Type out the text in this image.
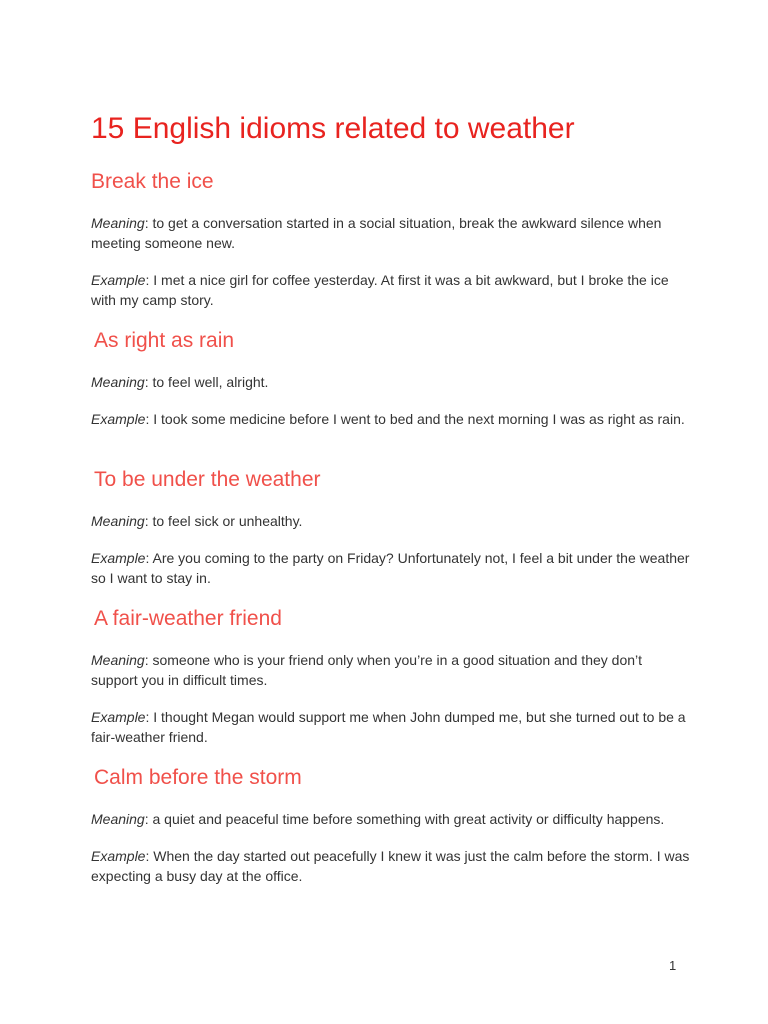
15 English idioms related to weather
Break the ice

Meaning: to get a conversation started in a social situation, break the awkward silence when meeting someone new.

Example: I met a nice girl for coffee yesterday. At first it was a bit awkward, but I broke the ice with my camp story.

As right as rain

Meaning: to feel well, alright.

Example: I took some medicine before I went to bed and the next morning I was as right as rain.

To be under the weather

Meaning: to feel sick or unhealthy.

Example: Are you coming to the party on Friday? Unfortunately not, I feel a bit under the weather so I want to stay in.

A fair-weather friend

Meaning: someone who is your friend only when you’re in a good situation and they don’t support you in difficult times.

Example: I thought Megan would support me when John dumped me, but she turned out to be a fair-weather friend.

Calm before the storm

Meaning: a quiet and peaceful time before something with great activity or difficulty happens.

Example: When the day started out peacefully I knew it was just the calm before the storm. I was expecting a busy day at the office.

1
